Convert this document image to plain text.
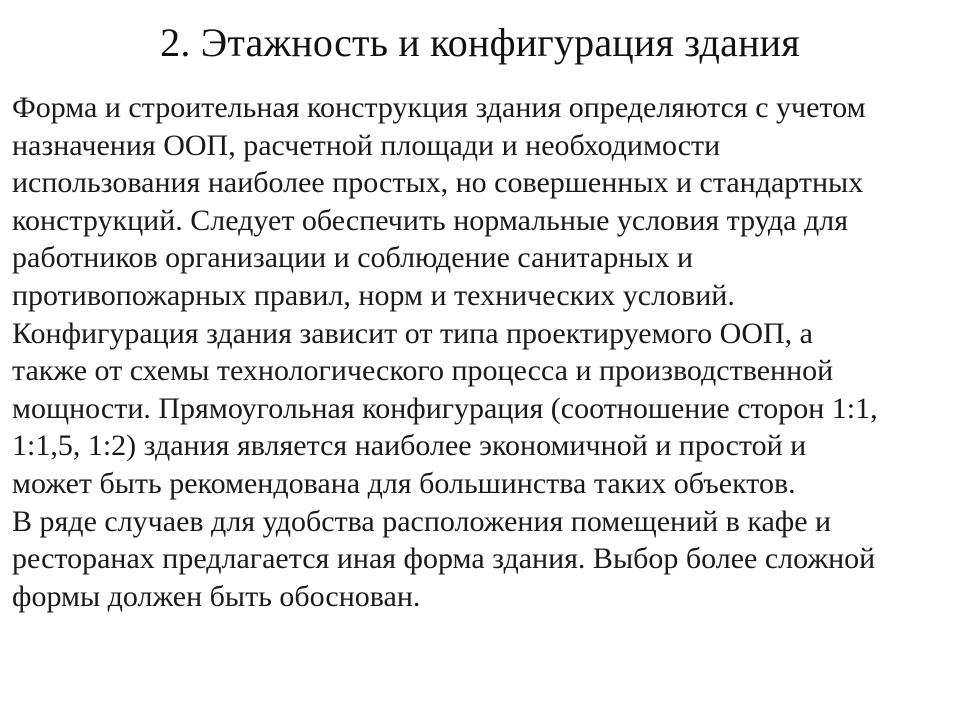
2. Этажность и конфигурация здания
Форма и строительная конструкция здания определяются с учетом
назначения ООП, расчетной площади и необходимости
использования наиболее простых, но совершенных и стандартных
конструкций. Следует обеспечить нормальные условия труда для
работников организации и соблюдение санитарных и
противопожарных правил, норм и технических условий.
Конфигурация здания зависит от типа проектируемого ООП, а
также от схемы технологического процесса и производственной
мощности. Прямоугольная конфигурация (соотношение сторон 1:1,
1:1,5, 1:2) здания является наиболее экономичной и простой и
может быть рекомендована для большинства таких объектов.
В ряде случаев для удобства расположения помещений в кафе и
ресторанах предлагается иная форма здания. Выбор более сложной
формы должен быть обоснован.
